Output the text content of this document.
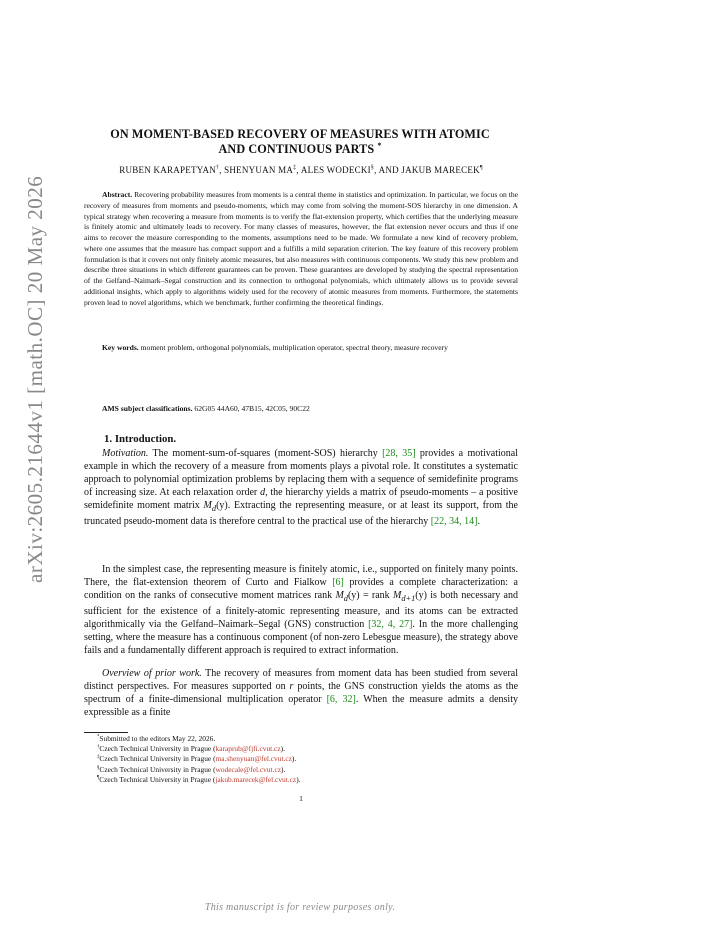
arXiv:2605.21644v1 [math.OC] 20 May 2026
ON MOMENT-BASED RECOVERY OF MEASURES WITH ATOMIC
AND CONTINUOUS PARTS *
RUBEN KARAPETYAN†, SHENYUAN MA‡, ALES WODECKI§, AND JAKUB MARECEK¶

Abstract. Recovering probability measures from moments is a central theme in statistics and optimization. In particular, we focus on the recovery of measures from moments and pseudo-moments, which may come from solving the moment-SOS hierarchy in one dimension. A typical strategy when recovering a measure from moments is to verify the flat-extension property, which certifies that the underlying measure is finitely atomic and ultimately leads to recovery. For many classes of measures, however, the flat extension never occurs and thus if one aims to recover the measure corresponding to the moments, assumptions need to be made. We formulate a new kind of recovery problem, where one assumes that the measure has compact support and a fulfills a mild separation criterion. The key feature of this recovery problem formulation is that it covers not only finitely atomic measures, but also measures with continuous components. We study this new problem and describe three situations in which different guarantees can be proven. These guarantees are developed by studying the spectral representation of the Gelfand–Naimark–Segal construction and its connection to orthogonal polynomials, which ultimately allows us to provide several additional insights, which apply to algorithms widely used for the recovery of atomic measures from moments. Furthermore, the statements proven lead to novel algorithms, which we benchmark, further confirming the theoretical findings.

Key words. moment problem, orthogonal polynomials, multiplication operator, spectral theory, measure recovery

AMS subject classifications. 62G05 44A60, 47B15, 42C05, 90C22

1. Introduction.

Motivation. The moment-sum-of-squares (moment-SOS) hierarchy [28, 35] provides a motivational example in which the recovery of a measure from moments plays a pivotal role. It constitutes a systematic approach to polynomial optimization problems by replacing them with a sequence of semidefinite programs of increasing size. At each relaxation order d, the hierarchy yields a matrix of pseudo-moments – a positive semidefinite moment matrix $M_d(y)$. Extracting the representing measure, or at least its support, from the truncated pseudo-moment data is therefore central to the practical use of the hierarchy [22, 34, 14].

In the simplest case, the representing measure is finitely atomic, i.e., supported on finitely many points. There, the flat-extension theorem of Curto and Fialkow [6] provides a complete characterization: a condition on the ranks of consecutive moment matrices rank $M_d(y)$ = rank $M_{d+1}(y)$ is both necessary and sufficient for the existence of a finitely-atomic representing measure, and its atoms can be extracted algorithmically via the Gelfand–Naimark–Segal (GNS) construction [32, 4, 27]. In the more challenging setting, where the measure has a continuous component (of non-zero Lebesgue measure), the strategy above fails and a fundamentally different approach is required to extract information.

Overview of prior work. The recovery of measures from moment data has been studied from several distinct perspectives. For measures supported on r points, the GNS construction yields the atoms as the spectrum of a finite-dimensional multiplication operator [6, 32]. When the measure admits a density expressible as a finite

*Submitted to the editors May 22, 2026.
†Czech Technical University in Prague (karaprub@fjfi.cvut.cz).
‡Czech Technical University in Prague (ma.shenyuan@fel.cvut.cz).
§Czech Technical University in Prague (wodecale@fel.cvut.cz).
¶Czech Technical University in Prague (jakub.marecek@fel.cvut.cz).
1
This manuscript is for review purposes only.
